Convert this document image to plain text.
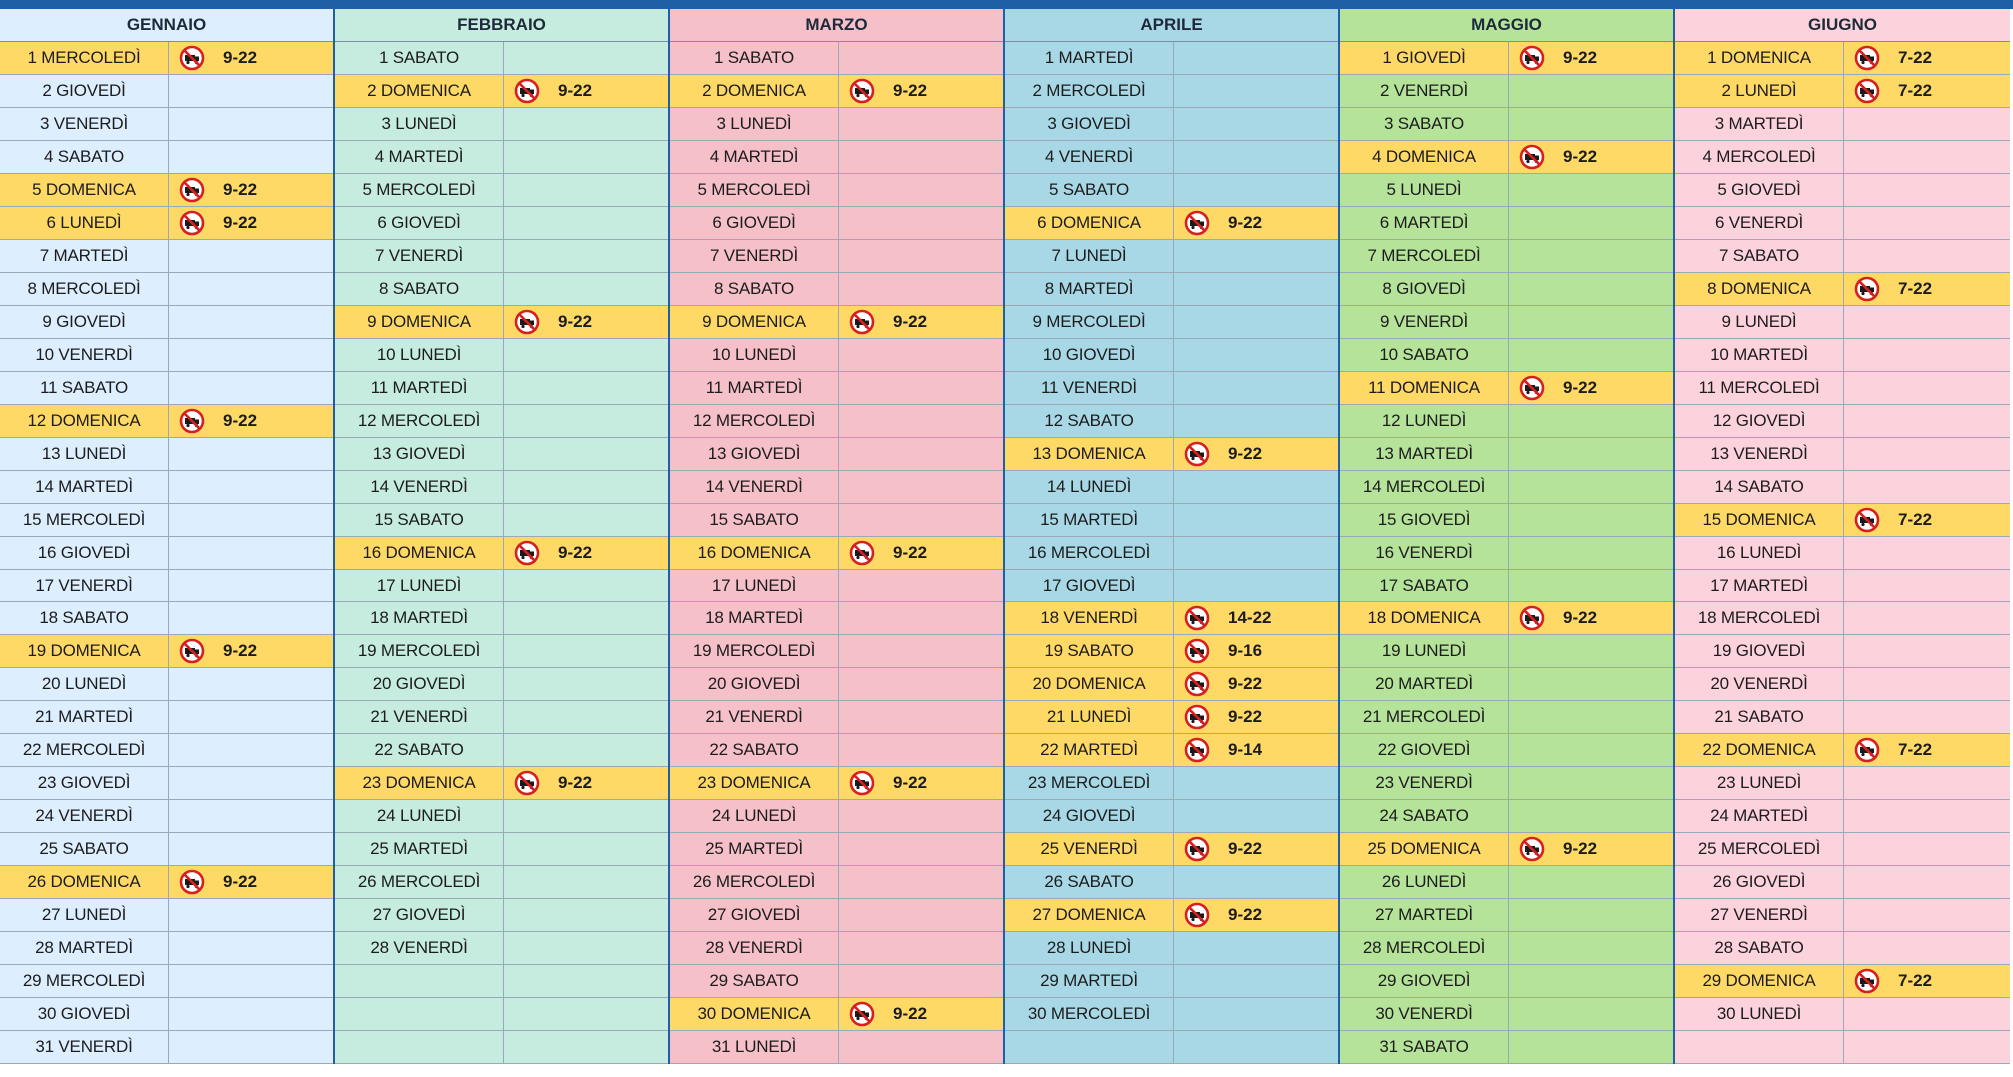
GENNAIO
1 MERCOLEDÌ	9-22
2 GIOVEDÌ
3 VENERDÌ
4 SABATO
5 DOMENICA	9-22
6 LUNEDÌ	9-22
7 MARTEDÌ
8 MERCOLEDÌ
9 GIOVEDÌ
10 VENERDÌ
11 SABATO
12 DOMENICA	9-22
13 LUNEDÌ
14 MARTEDÌ
15 MERCOLEDÌ
16 GIOVEDÌ
17 VENERDÌ
18 SABATO
19 DOMENICA	9-22
20 LUNEDÌ
21 MARTEDÌ
22 MERCOLEDÌ
23 GIOVEDÌ
24 VENERDÌ
25 SABATO
26 DOMENICA	9-22
27 LUNEDÌ
28 MARTEDÌ
29 MERCOLEDÌ
30 GIOVEDÌ
31 VENERDÌ
FEBBRAIO
1 SABATO
2 DOMENICA	9-22
3 LUNEDÌ
4 MARTEDÌ
5 MERCOLEDÌ
6 GIOVEDÌ
7 VENERDÌ
8 SABATO
9 DOMENICA	9-22
10 LUNEDÌ
11 MARTEDÌ
12 MERCOLEDÌ
13 GIOVEDÌ
14 VENERDÌ
15 SABATO
16 DOMENICA	9-22
17 LUNEDÌ
18 MARTEDÌ
19 MERCOLEDÌ
20 GIOVEDÌ
21 VENERDÌ
22 SABATO
23 DOMENICA	9-22
24 LUNEDÌ
25 MARTEDÌ
26 MERCOLEDÌ
27 GIOVEDÌ
28 VENERDÌ
MARZO
1 SABATO
2 DOMENICA	9-22
3 LUNEDÌ
4 MARTEDÌ
5 MERCOLEDÌ
6 GIOVEDÌ
7 VENERDÌ
8 SABATO
9 DOMENICA	9-22
10 LUNEDÌ
11 MARTEDÌ
12 MERCOLEDÌ
13 GIOVEDÌ
14 VENERDÌ
15 SABATO
16 DOMENICA	9-22
17 LUNEDÌ
18 MARTEDÌ
19 MERCOLEDÌ
20 GIOVEDÌ
21 VENERDÌ
22 SABATO
23 DOMENICA	9-22
24 LUNEDÌ
25 MARTEDÌ
26 MERCOLEDÌ
27 GIOVEDÌ
28 VENERDÌ
29 SABATO
30 DOMENICA	9-22
31 LUNEDÌ
APRILE
1 MARTEDÌ
2 MERCOLEDÌ
3 GIOVEDÌ
4 VENERDÌ
5 SABATO
6 DOMENICA	9-22
7 LUNEDÌ
8 MARTEDÌ
9 MERCOLEDÌ
10 GIOVEDÌ
11 VENERDÌ
12 SABATO
13 DOMENICA	9-22
14 LUNEDÌ
15 MARTEDÌ
16 MERCOLEDÌ
17 GIOVEDÌ
18 VENERDÌ	14-22
19 SABATO	9-16
20 DOMENICA	9-22
21 LUNEDÌ	9-22
22 MARTEDÌ	9-14
23 MERCOLEDÌ
24 GIOVEDÌ
25 VENERDÌ	9-22
26 SABATO
27 DOMENICA	9-22
28 LUNEDÌ
29 MARTEDÌ
30 MERCOLEDÌ
MAGGIO
1 GIOVEDÌ	9-22
2 VENERDÌ
3 SABATO
4 DOMENICA	9-22
5 LUNEDÌ
6 MARTEDÌ
7 MERCOLEDÌ
8 GIOVEDÌ
9 VENERDÌ
10 SABATO
11 DOMENICA	9-22
12 LUNEDÌ
13 MARTEDÌ
14 MERCOLEDÌ
15 GIOVEDÌ
16 VENERDÌ
17 SABATO
18 DOMENICA	9-22
19 LUNEDÌ
20 MARTEDÌ
21 MERCOLEDÌ
22 GIOVEDÌ
23 VENERDÌ
24 SABATO
25 DOMENICA	9-22
26 LUNEDÌ
27 MARTEDÌ
28 MERCOLEDÌ
29 GIOVEDÌ
30 VENERDÌ
31 SABATO
GIUGNO
1 DOMENICA	7-22
2 LUNEDÌ	7-22
3 MARTEDÌ
4 MERCOLEDÌ
5 GIOVEDÌ
6 VENERDÌ
7 SABATO
8 DOMENICA	7-22
9 LUNEDÌ
10 MARTEDÌ
11 MERCOLEDÌ
12 GIOVEDÌ
13 VENERDÌ
14 SABATO
15 DOMENICA	7-22
16 LUNEDÌ
17 MARTEDÌ
18 MERCOLEDÌ
19 GIOVEDÌ
20 VENERDÌ
21 SABATO
22 DOMENICA	7-22
23 LUNEDÌ
24 MARTEDÌ
25 MERCOLEDÌ
26 GIOVEDÌ
27 VENERDÌ
28 SABATO
29 DOMENICA	7-22
30 LUNEDÌ
